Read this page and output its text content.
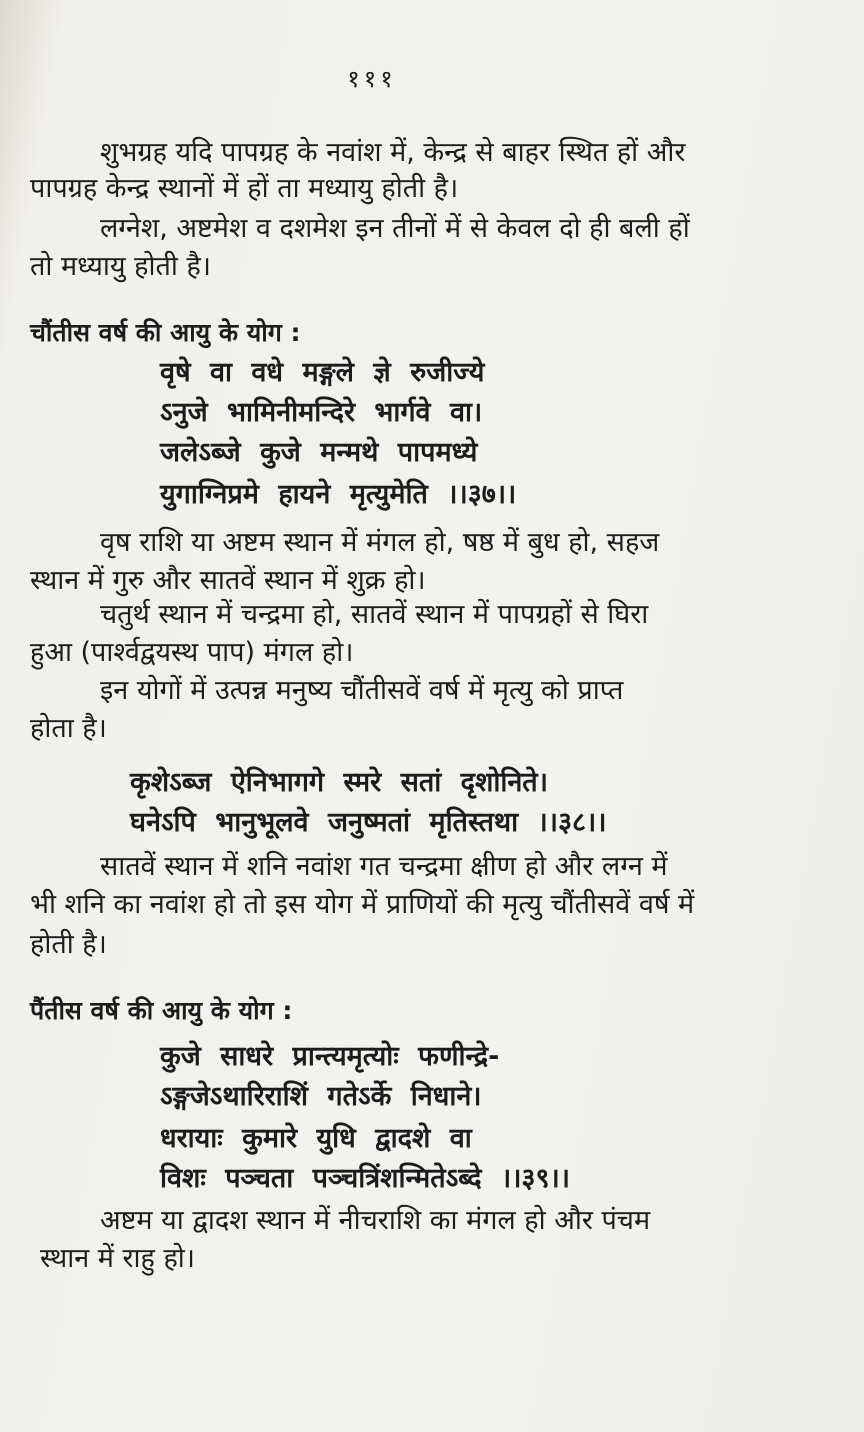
१११
शुभग्रह यदि पापग्रह के नवांश में, केन्द्र से बाहर स्थित हों और
पापग्रह केन्द्र स्थानों में हों ता मध्यायु होती है।
लग्नेश, अष्टमेश व दशमेश इन तीनों में से केवल दो ही बली हों
तो मध्यायु होती है।
चौंतीस वर्ष की आयु के योग :
वृषे वा वधे मङ्गले ज्ञे रुजीज्ये
ऽनुजे भामिनीमन्दिरे भार्गवे वा।
जलेऽब्जे कुजे मन्मथे पापमध्ये
युगाग्निप्रमे हायने मृत्युमेति ।।३७।।
वृष राशि या अष्टम स्थान में मंगल हो, षष्ठ में बुध हो, सहज
स्थान में गुरु और सातवें स्थान में शुक्र हो।
चतुर्थ स्थान में चन्द्रमा हो, सातवें स्थान में पापग्रहों से घिरा
हुआ (पार्श्वद्वयस्थ पाप) मंगल हो।
इन योगों में उत्पन्न मनुष्य चौंतीसवें वर्ष में मृत्यु को प्राप्त
होता है।
कृशेऽब्ज ऐनिभागगे स्मरे सतां दृशोनिते।
घनेऽपि भानुभूलवे जनुष्मतां मृतिस्तथा ।।३८।।
सातवें स्थान में शनि नवांश गत चन्द्रमा क्षीण हो और लग्न में
भी शनि का नवांश हो तो इस योग में प्राणियों की मृत्यु चौंतीसवें वर्ष में
होती है।
पैंतीस वर्ष की आयु के योग :
कुजे साधरे प्रान्त्यमृत्योः फणीन्द्रे-
ऽङ्गजेऽथारिराशिं गतेऽर्के निधाने।
धरायाः कुमारे युधि द्वादशे वा
विशः पञ्चता पञ्चत्रिंशन्मितेऽब्दे ।।३९।।
अष्टम या द्वादश स्थान में नीचराशि का मंगल हो और पंचम
स्थान में राहु हो।
